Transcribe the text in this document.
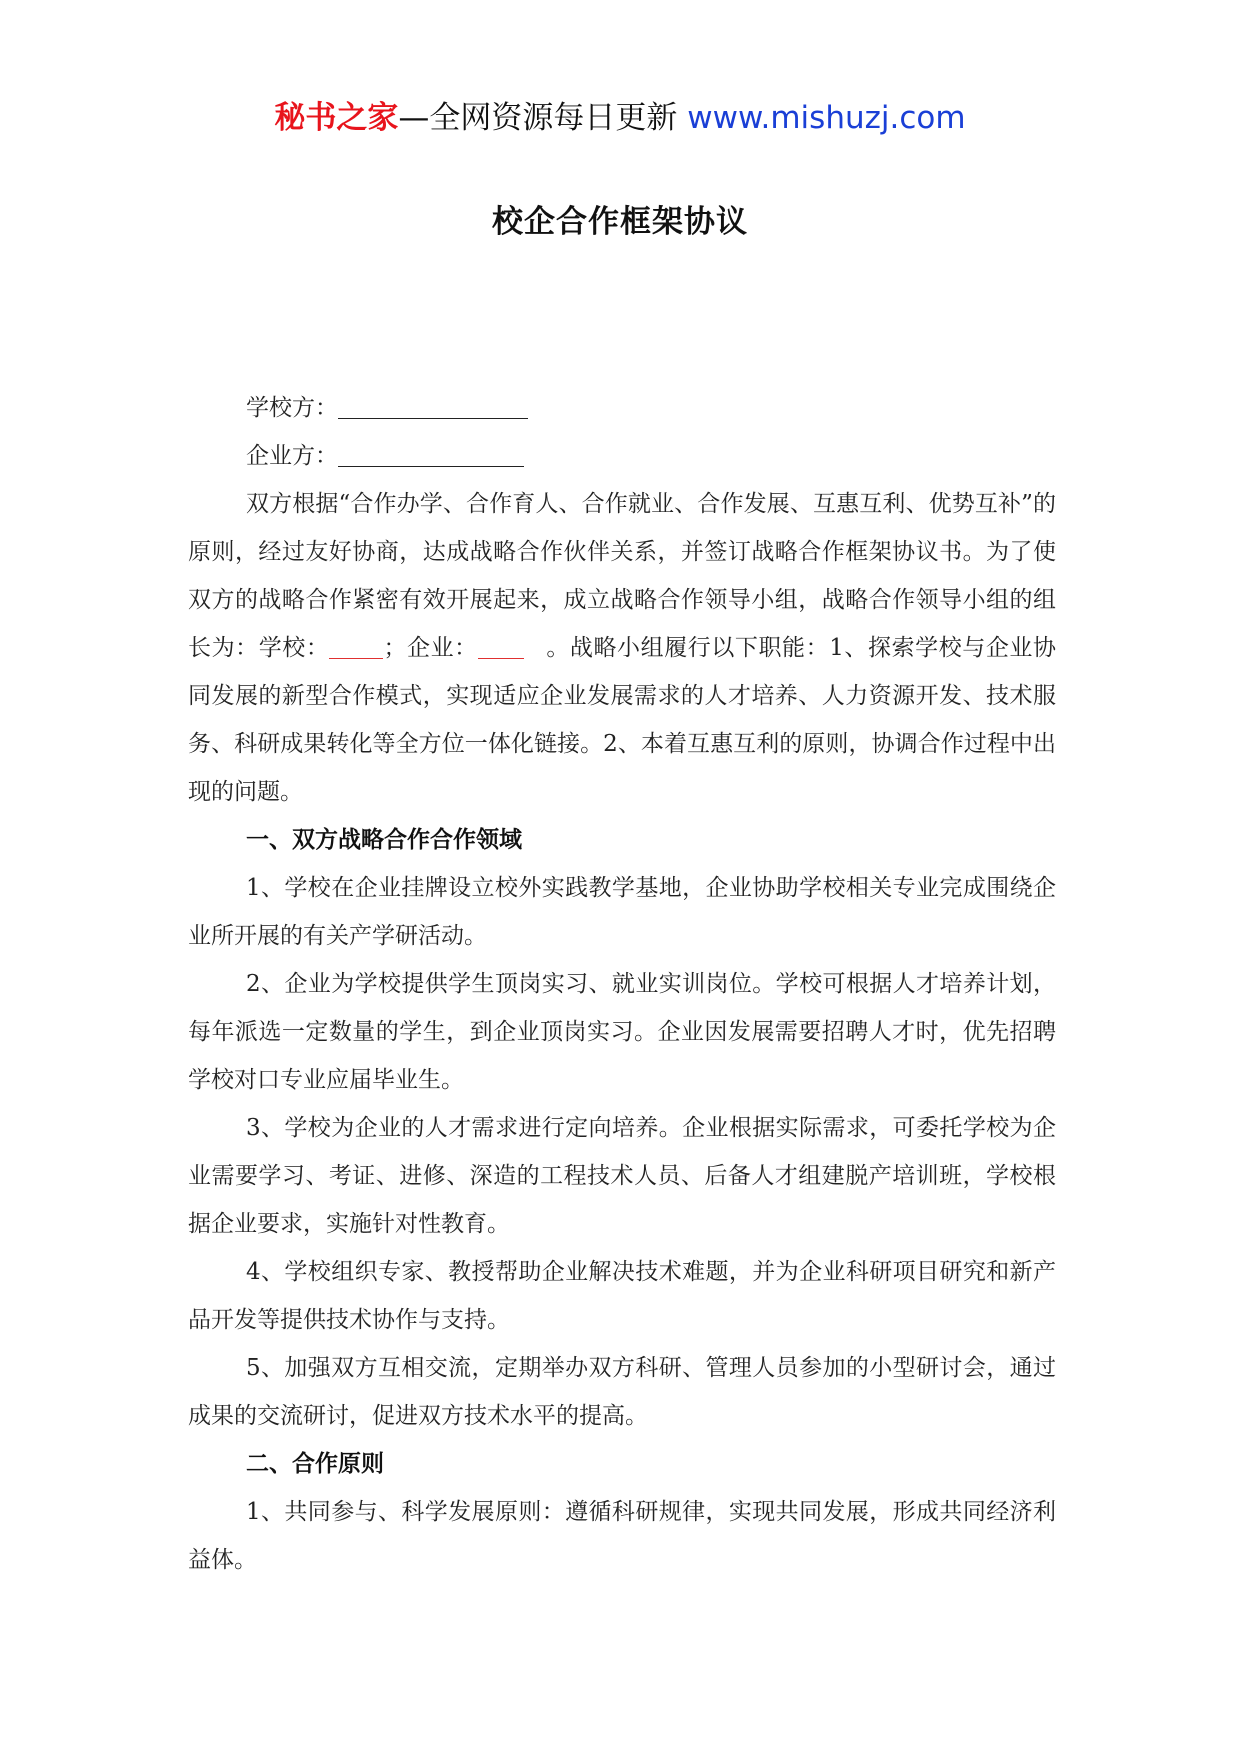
秘书之家—全网资源每日更新 www.mishuzj.com
校企合作框架协议

学校方：

企业方：

双方根据“合作办学、合作育人、合作就业、合作发展、互惠互利、优势互补”的原则，经过友好协商，达成战略合作伙伴关系，并签订战略合作框架协议书。为了使双方的战略合作紧密有效开展起来，成立战略合作领导小组，战略合作领导小组的组长为：学校： ；企业：	。战略小组履行以下职能：1、探索学校与企业协同发展的新型合作模式，实现适应企业发展需求的人才培养、人力资源开发、技术服务、科研成果转化等全方位一体化链接。2、本着互惠互利的原则，协调合作过程中出现的问题。

一、双方战略合作合作领域

1、学校在企业挂牌设立校外实践教学基地，企业协助学校相关专业完成围绕企业所开展的有关产学研活动。

2、企业为学校提供学生顶岗实习、就业实训岗位。学校可根据人才培养计划，每年派选一定数量的学生，到企业顶岗实习。企业因发展需要招聘人才时，优先招聘学校对口专业应届毕业生。

3、学校为企业的人才需求进行定向培养。企业根据实际需求，可委托学校为企业需要学习、考证、进修、深造的工程技术人员、后备人才组建脱产培训班，学校根据企业要求，实施针对性教育。

4、学校组织专家、教授帮助企业解决技术难题，并为企业科研项目研究和新产品开发等提供技术协作与支持。

5、加强双方互相交流，定期举办双方科研、管理人员参加的小型研讨会，通过成果的交流研讨，促进双方技术水平的提高。

二、合作原则

1、共同参与、科学发展原则：遵循科研规律，实现共同发展，形成共同经济利益体。
